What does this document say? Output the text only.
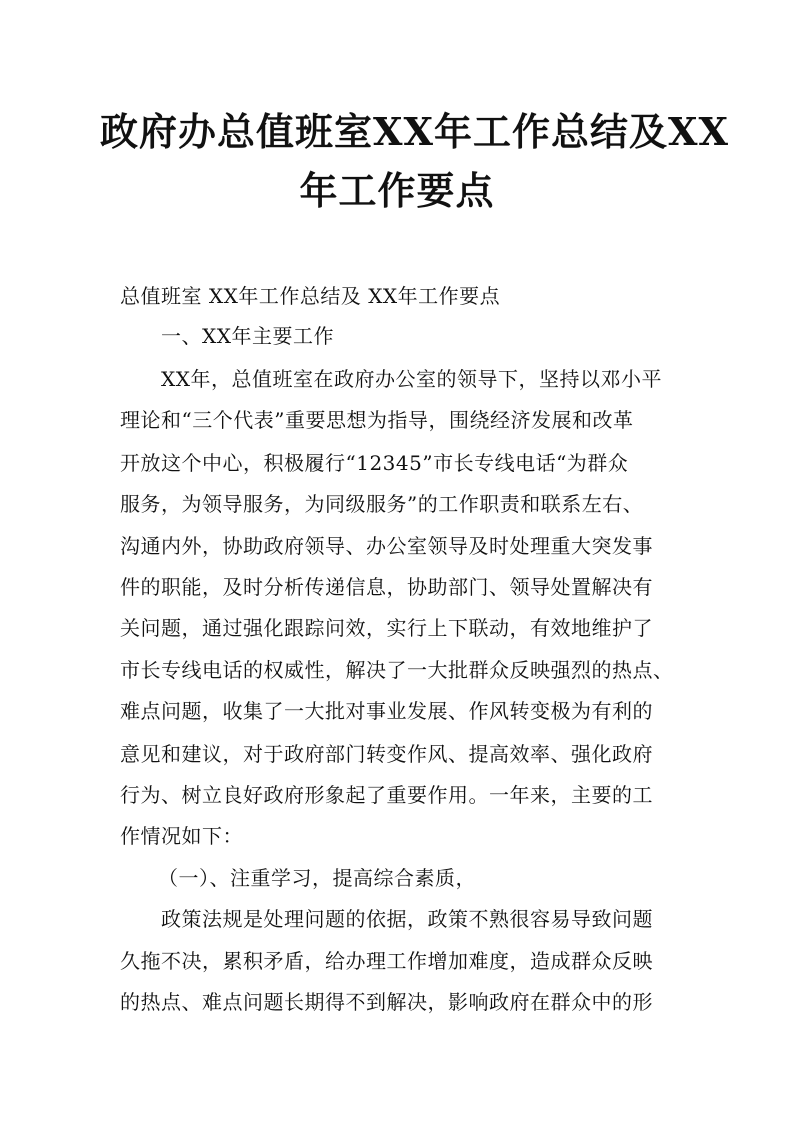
政府办总值班室XX年工作总结及XX
年工作要点
总值班室 XX年工作总结及 XX年工作要点
一、XX年主要工作
XX年，总值班室在政府办公室的领导下，坚持以邓小平
理论和“三个代表”重要思想为指导，围绕经济发展和改革
开放这个中心，积极履行“12345”市长专线电话“为群众
服务，为领导服务，为同级服务”的工作职责和联系左右、
沟通内外，协助政府领导、办公室领导及时处理重大突发事
件的职能，及时分析传递信息，协助部门、领导处置解决有
关问题，通过强化跟踪问效，实行上下联动，有效地维护了
市长专线电话的权威性，解决了一大批群众反映强烈的热点、
难点问题，收集了一大批对事业发展、作风转变极为有利的
意见和建议，对于政府部门转变作风、提高效率、强化政府
行为、树立良好政府形象起了重要作用。一年来，主要的工
作情况如下：
（一）、注重学习，提高综合素质，
政策法规是处理问题的依据，政策不熟很容易导致问题
久拖不决，累积矛盾，给办理工作增加难度，造成群众反映
的热点、难点问题长期得不到解决，影响政府在群众中的形
